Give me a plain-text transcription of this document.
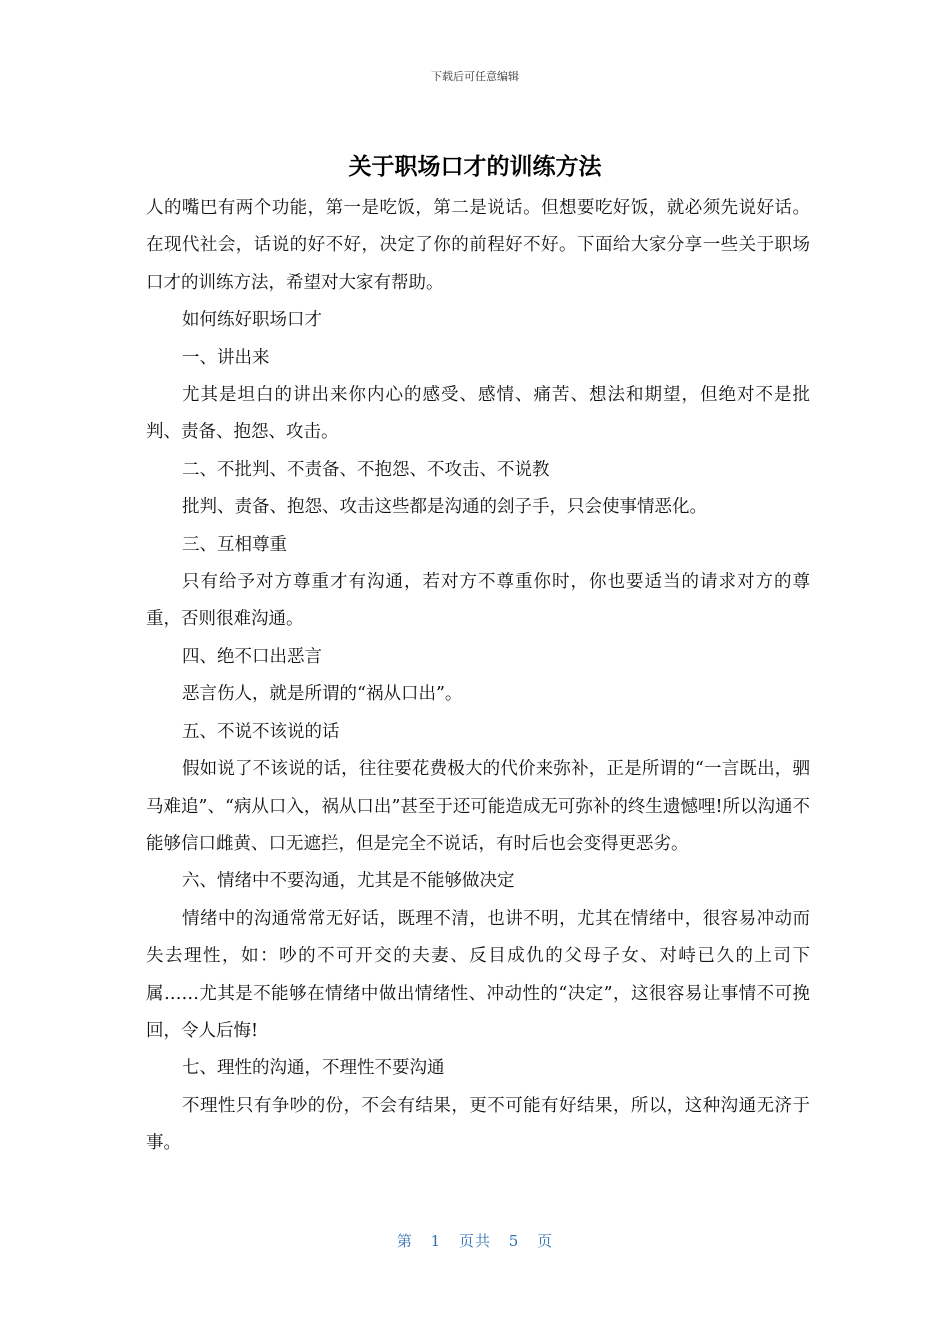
下载后可任意编辑
关于职场口才的训练方法

人的嘴巴有两个功能，第一是吃饭，第二是说话。但想要吃好饭，就必须先说好话。在现代社会，话说的好不好，决定了你的前程好不好。下面给大家分享一些关于职场口才的训练方法，希望对大家有帮助。

如何练好职场口才

一、讲出来

尤其是坦白的讲出来你内心的感受、感情、痛苦、想法和期望，但绝对不是批判、责备、抱怨、攻击。

二、不批判、不责备、不抱怨、不攻击、不说教

批判、责备、抱怨、攻击这些都是沟通的刽子手，只会使事情恶化。

三、互相尊重

只有给予对方尊重才有沟通，若对方不尊重你时，你也要适当的请求对方的尊重，否则很难沟通。

四、绝不口出恶言

恶言伤人，就是所谓的“祸从口出”。

五、不说不该说的话

假如说了不该说的话，往往要花费极大的代价来弥补，正是所谓的“一言既出，驷马难追”、“病从口入，祸从口出”甚至于还可能造成无可弥补的终生遗憾哩!所以沟通不能够信口雌黄、口无遮拦，但是完全不说话，有时后也会变得更恶劣。

六、情绪中不要沟通，尤其是不能够做决定

情绪中的沟通常常无好话，既理不清，也讲不明，尤其在情绪中，很容易冲动而失去理性，如：吵的不可开交的夫妻、反目成仇的父母子女、对峙已久的上司下属……尤其是不能够在情绪中做出情绪性、冲动性的“决定”，这很容易让事情不可挽回，令人后悔!

七、理性的沟通，不理性不要沟通

不理性只有争吵的份，不会有结果，更不可能有好结果，所以，这种沟通无济于事。

第 1 页共 5 页
